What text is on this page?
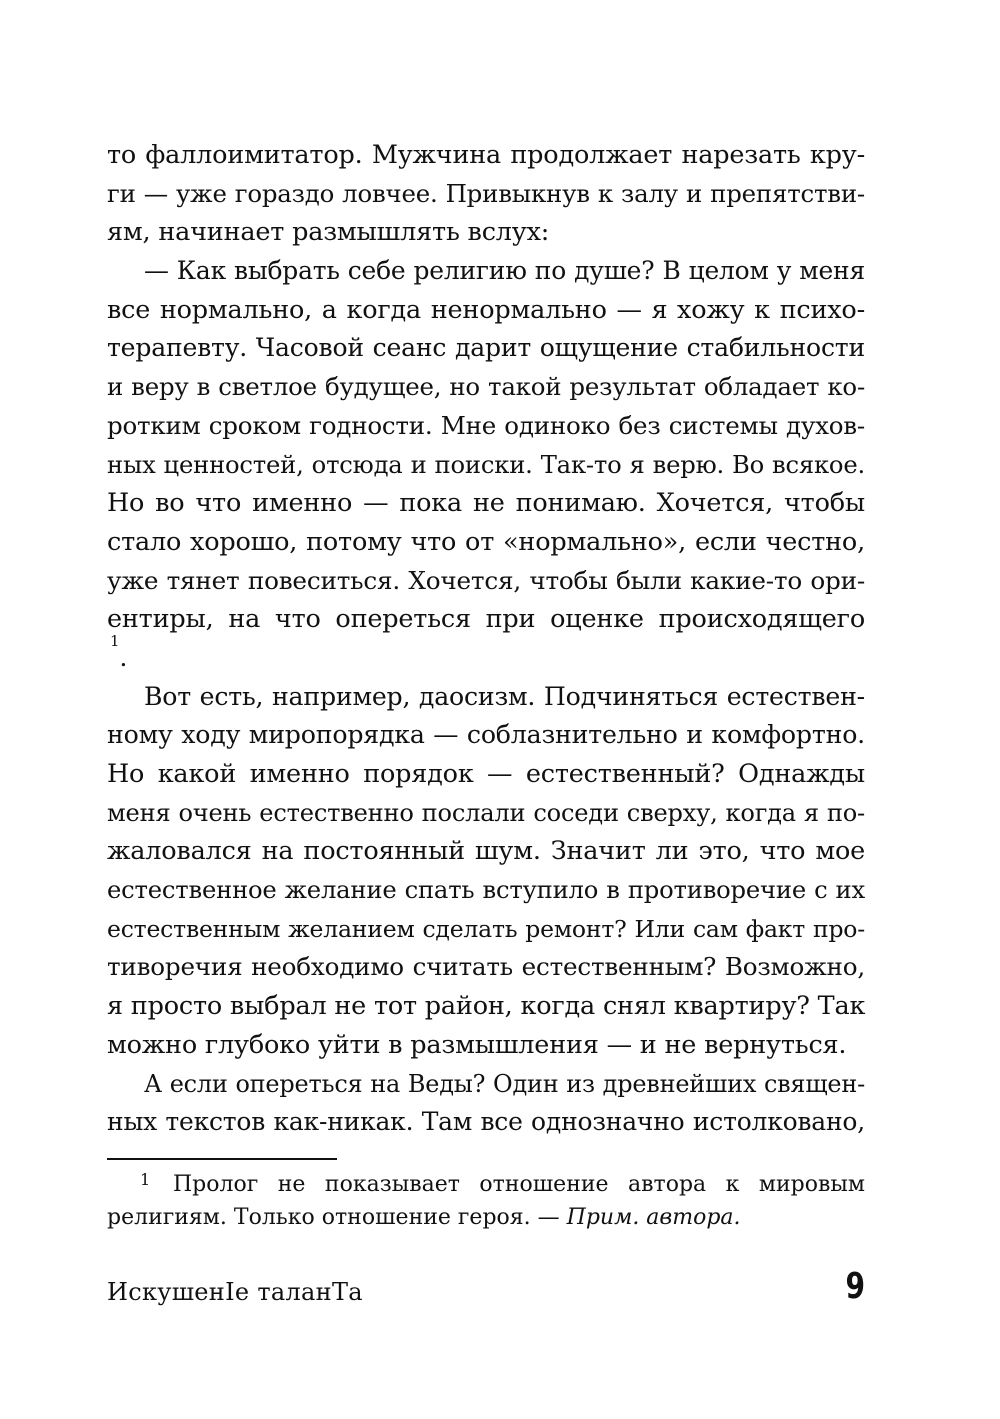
то фаллоимитатор. Мужчина продолжает нарезать кру-
ги — уже гораздо ловчее. Привыкнув к залу и препятстви-
ям, начинает размышлять вслух:
— Как выбрать себе религию по душе? В целом у меня
все нормально, а когда ненормально — я хожу к психо-
терапевту. Часовой сеанс дарит ощущение стабильности
и веру в светлое будущее, но такой результат обладает ко-
ротким сроком годности. Мне одиноко без системы духов-
ных ценностей, отсюда и поиски. Так-то я верю. Во всякое.
Но во что именно — пока не понимаю. Хочется, чтобы
стало хорошо, потому что от «нормально», если честно,
уже тянет повеситься. Хочется, чтобы были какие-то ори-
ентиры, на что опереться при оценке происходящего
$^1$.
Вот есть, например, даосизм. Подчиняться естествен-
ному ходу миропорядка — соблазнительно и комфортно.
Но какой именно порядок — естественный? Однажды
меня очень естественно послали соседи сверху, когда я по-
жаловался на постоянный шум. Значит ли это, что мое
естественное желание спать вступило в противоречие с их
естественным желанием сделать ремонт? Или сам факт про-
тиворечия необходимо считать естественным? Возможно,
я просто выбрал не тот район, когда снял квартиру? Так
можно глубоко уйти в размышления — и не вернуться.
А если опереться на Веды? Один из древнейших священ-
ных текстов как-никак. Там все однозначно истолковано,
1	Пролог не показывает отношение автора к мировым
религиям. Только отношение героя. — Прим. автора.
ИскушенIе таланТа	9
